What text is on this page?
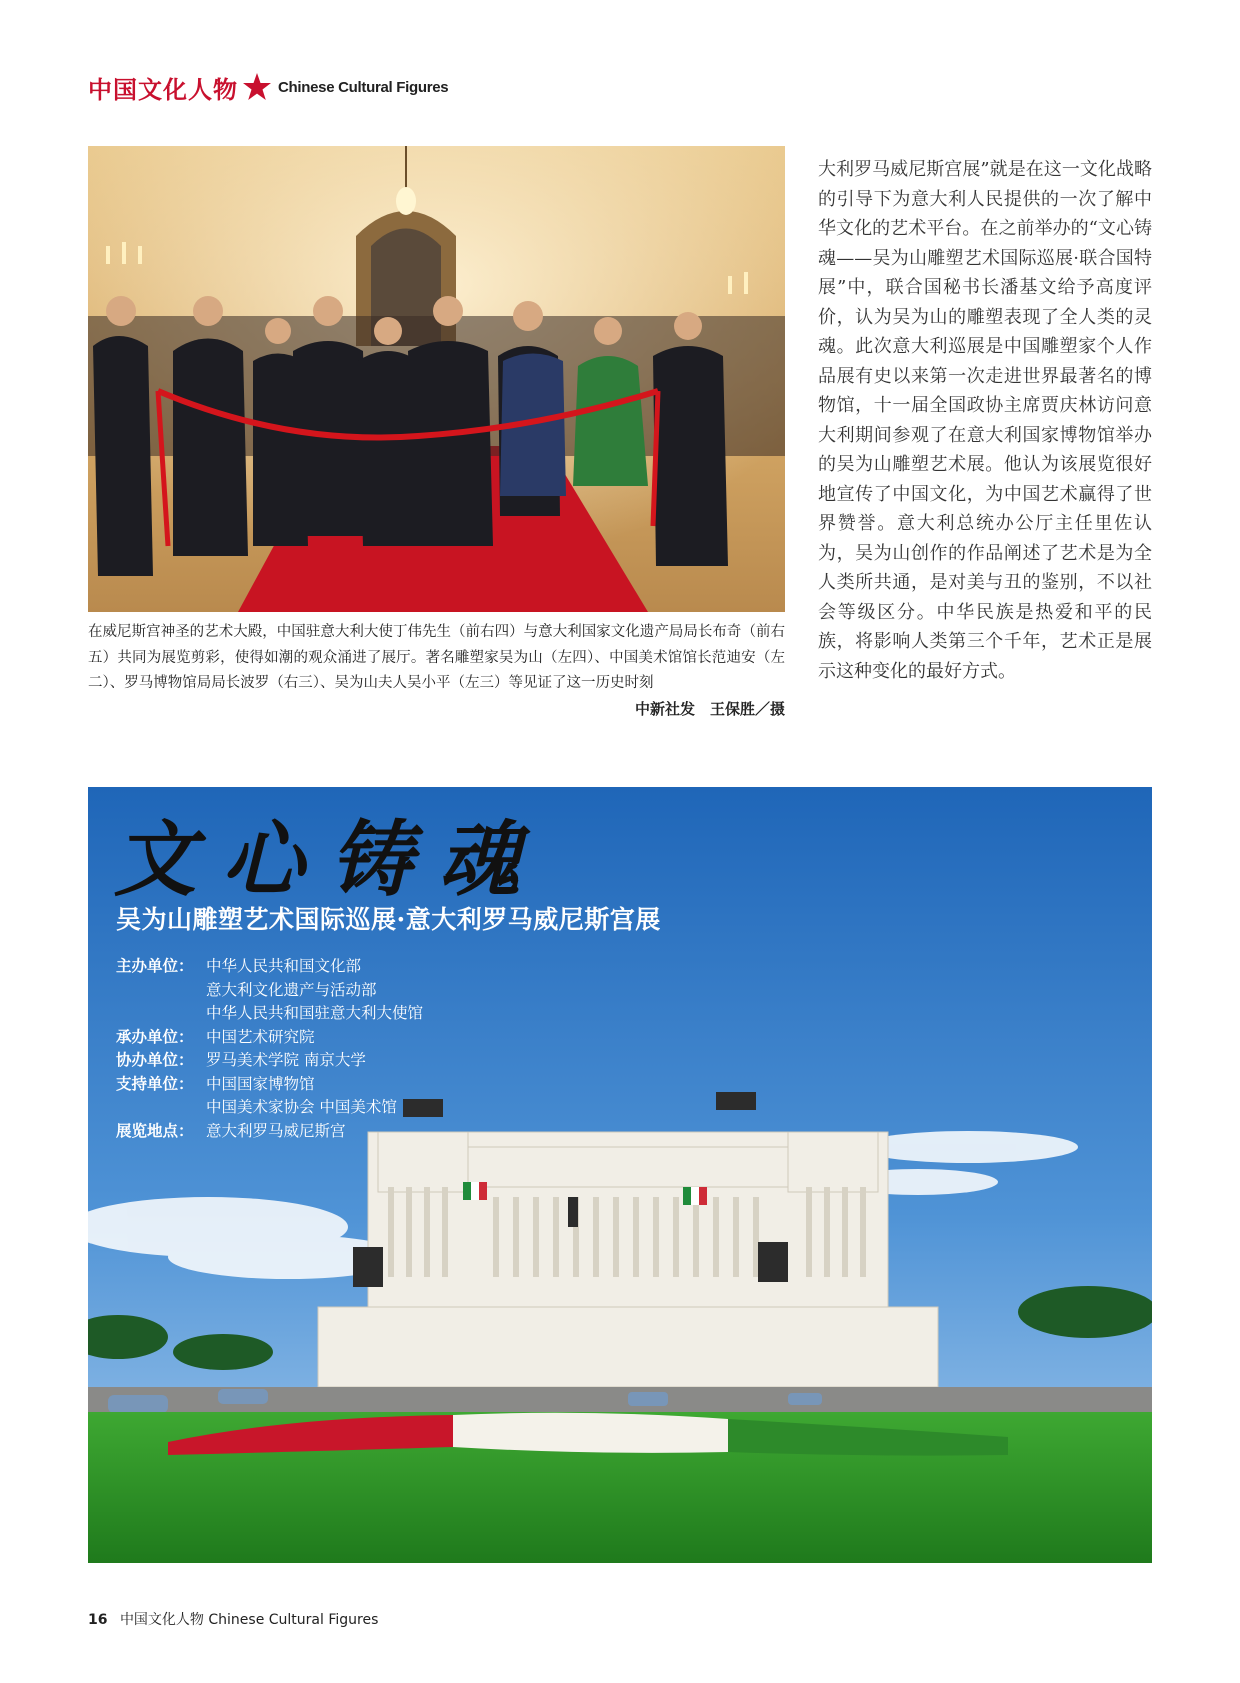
中国文化人物	Chinese Cultural Figures
在威尼斯宫神圣的艺术大殿，中国驻意大利大使丁伟先生（前右四）与意大利国家文化遗产局局长布奇（前右五）共同为展览剪彩，使得如潮的观众涌进了展厅。著名雕塑家吴为山（左四）、中国美术馆馆长范迪安（左二）、罗马博物馆局局长波罗（右三）、吴为山夫人吴小平（左三）等见证了这一历史时刻
中新社发　王保胜／摄
大利罗马威尼斯宫展”就是在这一文化战略的引导下为意大利人民提供的一次了解中华文化的艺术平台。在之前举办的“文心铸魂——吴为山雕塑艺术国际巡展·联合国特展”中，联合国秘书长潘基文给予高度评价，认为吴为山的雕塑表现了全人类的灵魂。此次意大利巡展是中国雕塑家个人作品展有史以来第一次走进世界最著名的博物馆，十一届全国政协主席贾庆林访问意大利期间参观了在意大利国家博物馆举办的吴为山雕塑艺术展。他认为该展览很好地宣传了中国文化，为中国艺术赢得了世界赞誉。意大利总统办公厅主任里佐认为，吴为山创作的作品阐述了艺术是为全人类所共通，是对美与丑的鉴别，不以社会等级区分。中华民族是热爱和平的民族，将影响人类第三个千年，艺术正是展示这种变化的最好方式。
文心铸魂
吴为山雕塑艺术国际巡展·意大利罗马威尼斯宫展
主办单位： 中华人民共和国文化部
意大利文化遗产与活动部
中华人民共和国驻意大利大使馆
承办单位： 中国艺术研究院
协办单位： 罗马美术学院 南京大学
支持单位： 中国国家博物馆
中国美术家协会 中国美术馆
展览地点： 意大利罗马威尼斯宫
16 中国文化人物 Chinese Cultural Figures
